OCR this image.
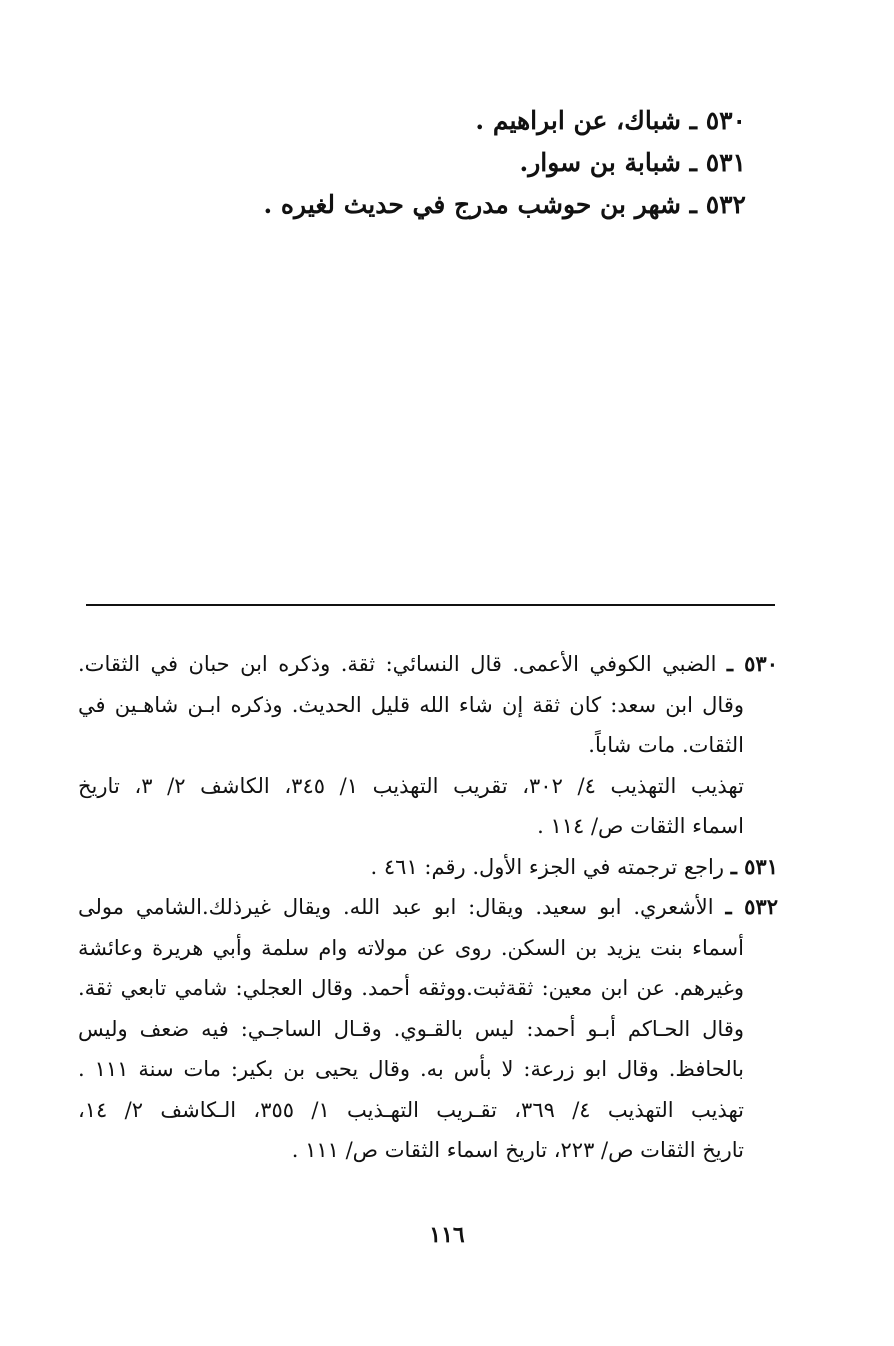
٥٣٠ ـ شباك، عن ابراهيم .
٥٣١ ـ شبابة بن سوار.
٥٣٢ ـ شهر بن حوشب مدرج في حديث لغيره .
٥٣٠ ـ الضبي الكوفي الأعمى. قال النسائي: ثقة. وذكره ابن حبان في الثقات.
وقال ابن سعد: كان ثقة إن شاء الله قليل الحديث. وذكره ابـن شاهـين في
الثقات. مات شاباً.
تهذيب التهذيب ٤/ ٣٠٢، تقريب التهذيب ١/ ٣٤٥، الكاشف ٢/ ٣، تاريخ
اسماء الثقات ص/ ١١٤ .
٥٣١ ـ راجع ترجمته في الجزء الأول. رقم: ٤٦١ .
٥٣٢ ـ الأشعري. ابو سعيد. ويقال: ابو عبد الله. ويقال غيرذلك.الشامي مولى
أسماء بنت يزيد بن السكن. روى عن مولاته وام سلمة وأبي هريرة وعائشة
وغيرهم. عن ابن معين: ثقةثبت.ووثقه أحمد. وقال العجلي: شامي تابعي ثقة.
وقال الحـاكم أبـو أحمد: ليس بالقـوي. وقـال الساجـي: فيه ضعف وليس
بالحافظ. وقال ابو زرعة: لا بأس به. وقال يحيى بن بكير: مات سنة ١١١ .
تهذيب التهذيب ٤/ ٣٦٩، تقـريب التهـذيب ١/ ٣٥٥، الـكاشف ٢/ ١٤،
تاريخ الثقات ص/ ٢٢٣، تاريخ اسماء الثقات ص/ ١١١ .
١١٦
